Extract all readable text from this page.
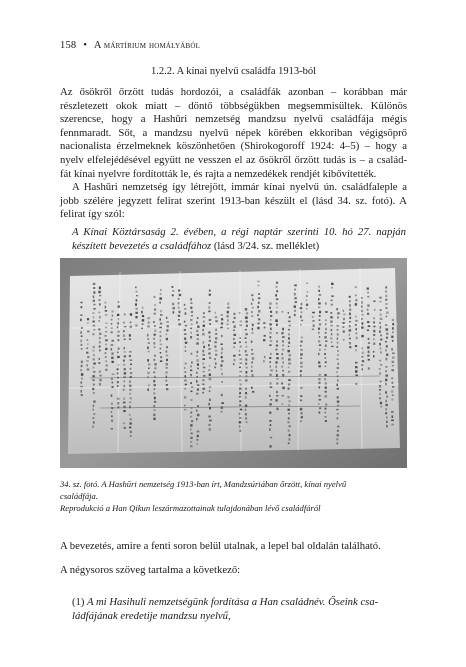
158 • A mártírium homályából
1.2.2. A kínai nyelvű családfa 1913-ból

Az ősökről őrzött tudás hordozói, a családfák azonban – korábban már részletezett okok miatt – döntő többségükben megsemmisültek. Különös szerencse, hogy a Hashūri nemzetség mandzsu nyelvű családfája mégis fennmaradt. Sőt, a mandzsu nyelvű népek körében ekkoriban végigsöprő nacionalista érzelmeknek köszönhetően (Shirokogoroff 1924: 4–5) – hogy a nyelv elfelejédésével együtt ne vesszen el az ősökről őrzött tudás is – a család-fát kínai nyelvre fordították le, és rajta a nemzedékek rendjét kibővítették.

A Hashūri nemzetség így létrejött, immár kínai nyelvű ún. családfaleple a jobb szélére jegyzett felirat szerint 1913-ban készült el (lásd 34. sz. fotó). A felirat így szól:

A Kínai Köztársaság 2. évében, a régi naptár szerinti 10. hó 27. napján készített bevezetés a családfához (lásd 3/24. sz. melléklet)

34. sz. fotó. A Hashūri nemzetség 1913-ban írt, Mandzsúriában őrzött, kínai nyelvű
családfája.
Reprodukció a Han Qikun leszármazottainak tulajdonában lévő családfáról

A bevezetés, amire a fenti soron belül utalnak, a lepel bal oldalán található.

A négysoros szöveg tartalma a következő:

(1) A mi Hasihuli nemzetségünk fordítása a Han családnév. Őseink csa-ládfájának eredetije mandzsu nyelvű,
